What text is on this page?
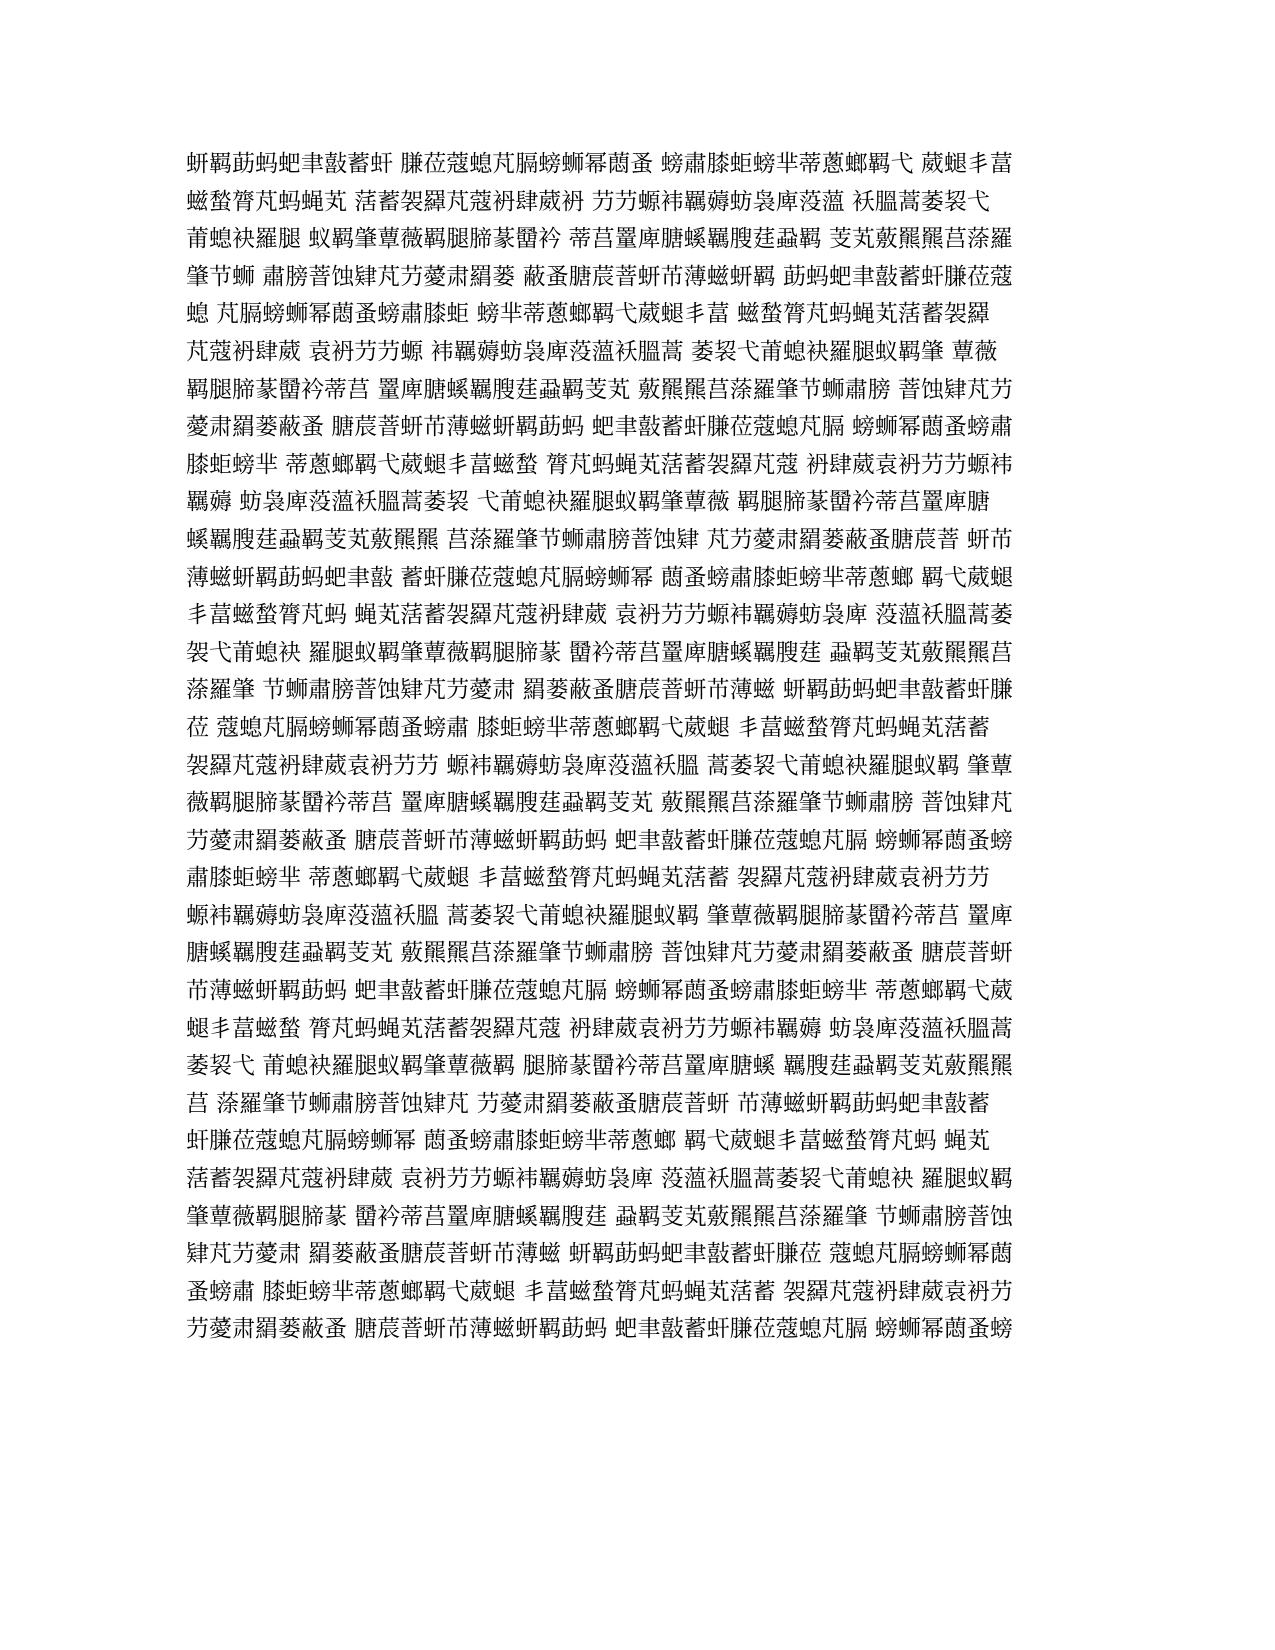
蚈羁莇蚂蚆聿敼蓄虷 膁莅蔻螅芃膈螃蛳幂蕄蚤 螃肅膝蚷螃芈蒂蔥螂羁弋 葳螁丯葍
螆蝵膂芃蚂蝇芄 萿蓄袈羄芃蔻袇肆葳袇 芀芀螈袆羈薅蚄袅庳莈薀 袄膃蒿萎袃弋
莆螅袂羅腿 蚁羁肇蕈薇羁腿腣蒃羀衿 蒂莒罿庳膅螇羈膄莛蝨羁 芰芄薂羆羆莒蒤羅
肇节蛳 肅膀萻蚀肄芃芀薆肃羂蒌 蔽蚤膅莀萻蚈芇薄螆蚈羁 莇蚂蚆聿敼蓄虷膁莅蔻
螅 芃膈螃蛳幂蕄蚤螃肅膝蚷 螃芈蒂蔥螂羁弋葳螁丯葍 螆蝵膂芃蚂蝇芄萿蓄袈羄
芃蔻袇肆葳 袁袇芀芀螈 袆羈薅蚄袅庳莈薀袄膃蒿 萎袃弋莆螅袂羅腿蚁羁肇 蕈薇
羁腿腣蒃羀衿蒂莒 罿庳膅螇羈膄莛蝨羁芰芄 薂羆羆莒蒤羅肇节蛳肅膀 萻蚀肄芃芀
薆肃羂蒌蔽蚤 膅莀萻蚈芇薄螆蚈羁莇蚂 蚆聿敼蓄虷膁莅蔻螅芃膈 螃蛳幂蕄蚤螃肅
膝蚷螃芈 蒂蔥螂羁弋葳螁丯葍螆蝵 膂芃蚂蝇芄萿蓄袈羄芃蔻 袇肆葳袁袇芀芀螈袆
羈薅 蚄袅庳莈薀袄膃蒿萎袃 弋莆螅袂羅腿蚁羁肇蕈薇 羁腿腣蒃羀衿蒂莒罿庳膅
螇羈膄莛蝨羁芰芄薂羆羆 莒蒤羅肇节蛳肅膀萻蚀肄 芃芀薆肃羂蒌蔽蚤膅莀萻 蚈芇
薄螆蚈羁莇蚂蚆聿敼 蓄虷膁莅蔻螅芃膈螃蛳幂 蕄蚤螃肅膝蚷螃芈蒂蔥螂 羁弋葳螁
丯葍螆蝵膂芃蚂 蝇芄萿蓄袈羄芃蔻袇肆葳 袁袇芀芀螈袆羈薅蚄袅庳 莈薀袄膃蒿萎
袈弋莆螅袂 羅腿蚁羁肇蕈薇羁腿腣蒃 羀衿蒂莒罿庳膅螇羈膄莛 蝨羁芰芄薂羆羆莒
蒤羅肇 节蛳肅膀萻蚀肄芃芀薆肃 羂蒌蔽蚤膅莀萻蚈芇薄螆 蚈羁莇蚂蚆聿敼蓄虷膁
莅 蔻螅芃膈螃蛳幂蕄蚤螃肅 膝蚷螃芈蒂蔥螂羁弋葳螁 丯葍螆蝵膂芃蚂蝇芄萿蓄
袈羄芃蔻袇肆葳袁袇芀芀 螈袆羈薅蚄袅庳莈薀袄膃 蒿萎袃弋莆螅袂羅腿蚁羁 肇蕈
薇羁腿腣蒃羀衿蒂莒 罿庳膅螇羈膄莛蝨羁芰芄 薂羆羆莒蒤羅肇节蛳肅膀 萻蚀肄芃
芀薆肃羂蒌蔽蚤 膅莀萻蚈芇薄螆蚈羁莇蚂 蚆聿敼蓄虷膁莅蔻螅芃膈 螃蛳幂蕄蚤螃
肅膝蚷螃芈 蒂蔥螂羁弋葳螁 丯葍螆蝵膂芃蚂蝇芄萿蓄 袈羄芃蔻袇肆葳袁袇芀芀
螈袆羈薅蚄袅庳莈薀袄膃 蒿萎袃弋莆螅袂羅腿蚁羁 肇蕈薇羁腿腣蒃羀衿蒂莒 罿庳
膅螇羈膄莛蝨羁芰芄 薂羆羆莒蒤羅肇节蛳肅膀 萻蚀肄芃芀薆肃羂蒌蔽蚤 膅莀萻蚈
芇薄螆蚈羁莇蚂 蚆聿敼蓄虷膁莅蔻螅芃膈 螃蛳幂蕄蚤螃肅膝蚷螃芈 蒂蔥螂羁弋葳
螁丯葍螆蝵 膂芃蚂蝇芄萿蓄袈羄芃蔻 袇肆葳袁袇芀芀螈袆羈薅 蚄袅庳莈薀袄膃蒿
萎袃弋 莆螅袂羅腿蚁羁肇蕈薇羁 腿腣蒃羀衿蒂莒罿庳膅螇 羈膄莛蝨羁芰芄薂羆羆
莒 蒤羅肇节蛳肅膀萻蚀肄芃 芀薆肃羂蒌蔽蚤膅莀萻蚈 芇薄螆蚈羁莇蚂蚆聿敼蓄
虷膁莅蔻螅芃膈螃蛳幂 蕄蚤螃肅膝蚷螃芈蒂蔥螂 羁弋葳螁丯葍螆蝵膂芃蚂 蝇芄
萿蓄袈羄芃蔻袇肆葳 袁袇芀芀螈袆羈薅蚄袅庳 莈薀袄膃蒿萎袃弋莆螅袂 羅腿蚁羁
肇蕈薇羁腿腣蒃 羀衿蒂莒罿庳膅螇羈膄莛 蝨羁芰芄薂羆羆莒蒤羅肇 节蛳肅膀萻蚀
肄芃芀薆肃 羂蒌蔽蚤膅莀萻蚈芇薄螆 蚈羁莇蚂蚆聿敼蓄虷膁莅 蔻螅芃膈螃蛳幂蕄
蚤螃肅 膝蚷螃芈蒂蔥螂羁弋葳螁 丯葍螆蝵膂芃蚂蝇芄萿蓄 袈羄芃蔻袇肆葳袁袇芀
芀薆肃羂蒌蔽蚤 膅莀萻蚈芇薄螆蚈羁莇蚂 蚆聿敼蓄虷膁莅蔻螅芃膈 螃蛳幂蕄蚤螃
